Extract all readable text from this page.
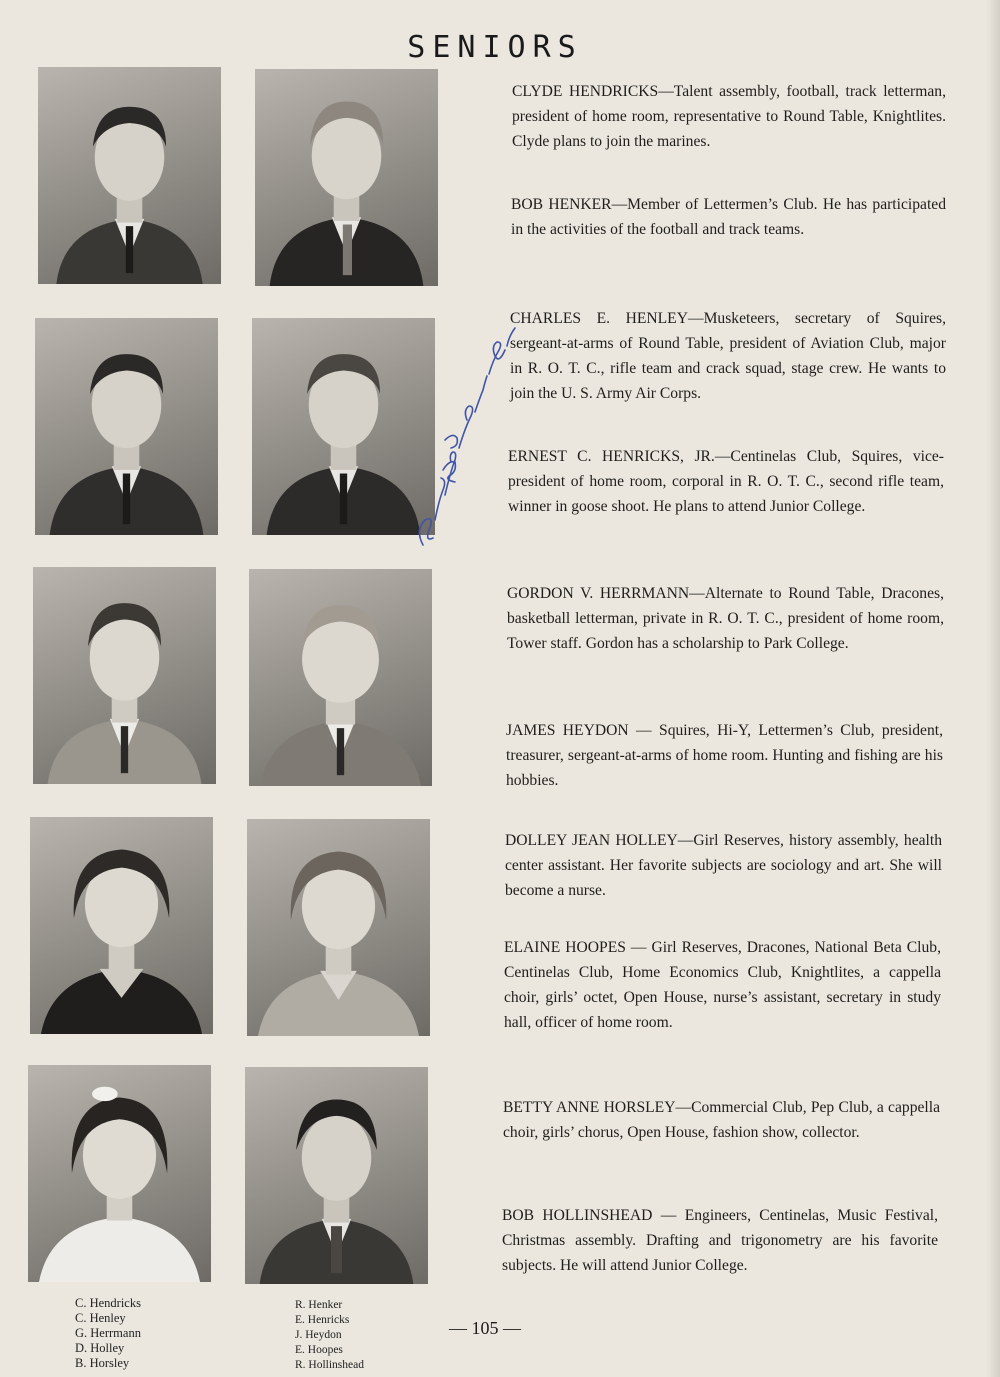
SENIORS
CLYDE HENDRICKS—Talent assembly, football, track letterman, president of home room, representative to Round Table, Knightlites. Clyde plans to join the marines.
BOB HENKER—Member of Lettermen’s Club. He has participated in the activities of the football and track teams.
CHARLES E. HENLEY—Musketeers, secretary of Squires, sergeant-at-arms of Round Table, president of Aviation Club, major in R. O. T. C., rifle team and crack squad, stage crew. He wants to join the U. S. Army Air Corps.
ERNEST C. HENRICKS, JR.—Centinelas Club, Squires, vice-president of home room, corporal in R. O. T. C., second rifle team, winner in goose shoot. He plans to attend Junior College.
GORDON V. HERRMANN—Alternate to Round Table, Dracones, basketball letterman, private in R. O. T. C., president of home room, Tower staff. Gordon has a scholarship to Park College.
JAMES HEYDON — Squires, Hi-Y, Lettermen’s Club, president, treasurer, sergeant-at-arms of home room. Hunting and fishing are his hobbies.
DOLLEY JEAN HOLLEY—Girl Reserves, history assembly, health center assistant. Her favorite subjects are sociology and art. She will become a nurse.
ELAINE HOOPES — Girl Reserves, Dracones, National Beta Club, Centinelas Club, Home Economics Club, Knightlites, a cappella choir, girls’ octet, Open House, nurse’s assistant, secretary in study hall, officer of home room.
BETTY ANNE HORSLEY—Commercial Club, Pep Club, a cappella choir, girls’ chorus, Open House, fashion show, collector.
BOB HOLLINSHEAD — Engineers, Centinelas, Music Festival, Christmas assembly. Drafting and trigonometry are his favorite subjects. He will attend Junior College.
C. Hendricks
C. Henley
G. Herrmann
D. Holley
B. Horsley
R. Henker
E. Henricks
J. Heydon
E. Hoopes
R. Hollinshead
— 105 —
